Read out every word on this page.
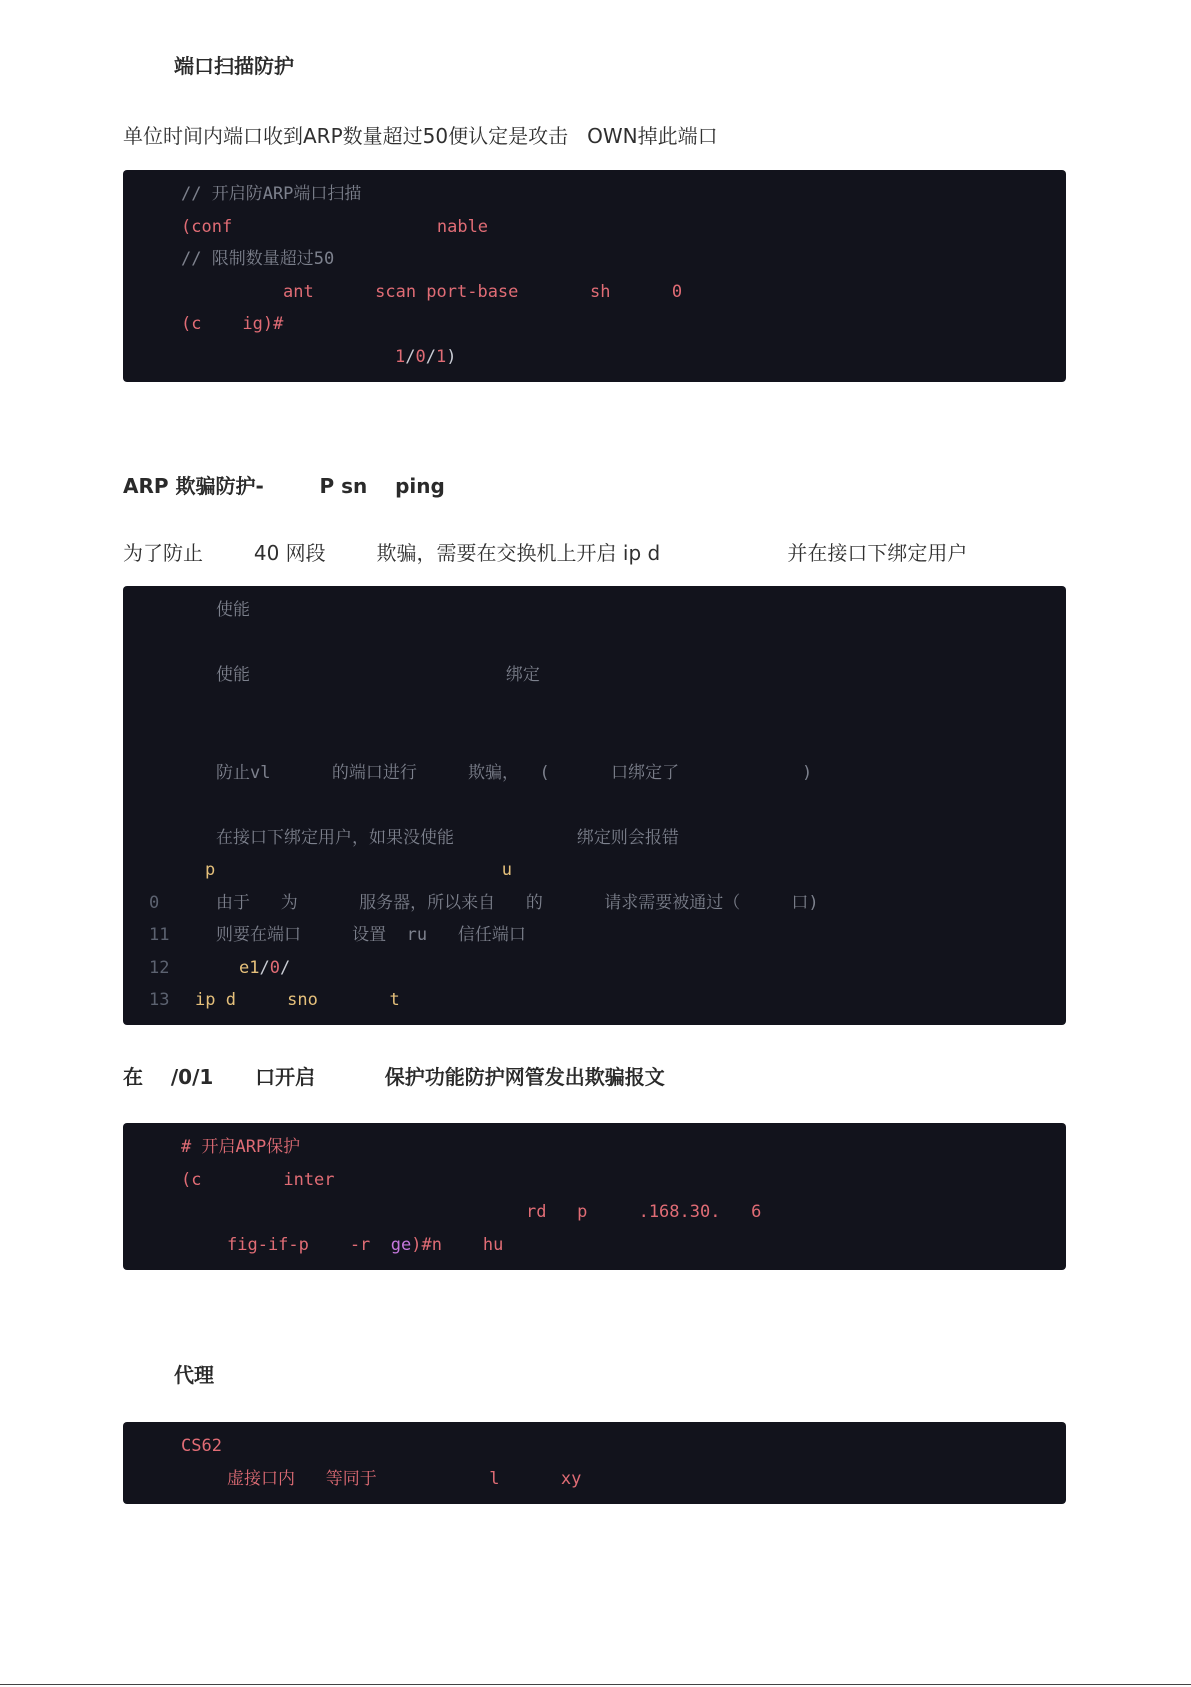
端口扫描防护
单位时间内端口收到ARP数量超过50便认定是攻击   OWN掉此端口
// 开启防ARP端口扫描
(conf                    nable
// 限制数量超过50
ant      scan port-base       sh      0
(c    ig)#
1/0/1)
ARP 欺骗防护-        P sn    ping
为了防止        40 网段        欺骗，需要在交换机上开启 ip d                    并在接口下绑定用户
使能
使能                         绑定
防止vl      的端口进行     欺骗，  (      口绑定了            )
在接口下绑定用户，如果没使能            绑定则会报错
p                            u
0	由于   为      服务器，所以来自   的      请求需要被通过（     口)
11	则要在端口     设置  ru   信任端口
12	e1/0/
13 ip d     sno       t
在    /0/1      口开启          保护功能防护网管发出欺骗报文
# 开启ARP保护
(c        inter
rd   p     .168.30.   6
fig-if-p    -r  ge)#n    hu
代理
CS62
虚接口内   等同于           l      xy
